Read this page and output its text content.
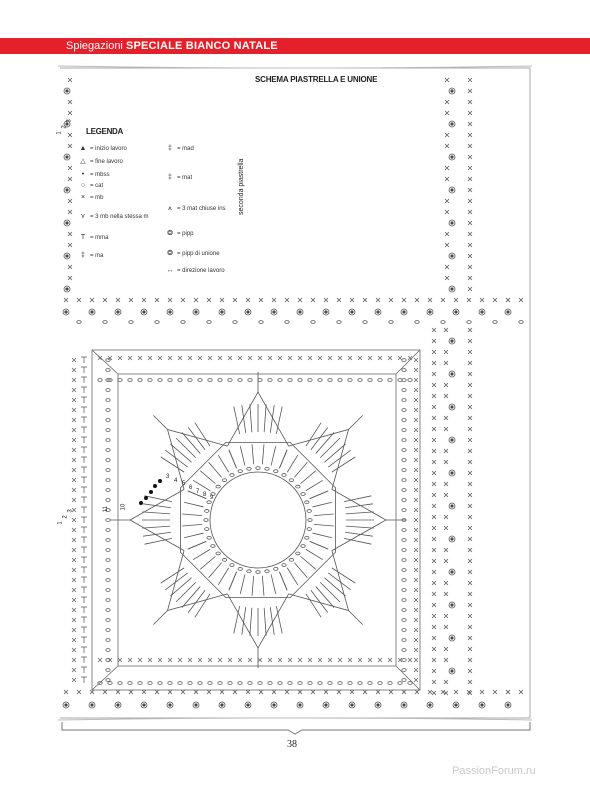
Spiegazioni SPECIALE BIANCO NATALE
SCHEMA PIASTRELLA E UNIONE
seconda piastrella
LEGENDA
▲ = inizio lavoro
△ = fine lavoro
• = mbss
○ = cat
× = mb
⋎ = 3 mb nella stessa m
T = mma
‡ = ma
‡ = mad
‡ = mat
⩚ = 3 mat chiuse ins
❂ = pipp
❂ = pipp di unione
↔ = direzione lavoro
1
2
3
1
2
3	11 10
3
4 5
6
7 8 9
38
PassionForum.ru
